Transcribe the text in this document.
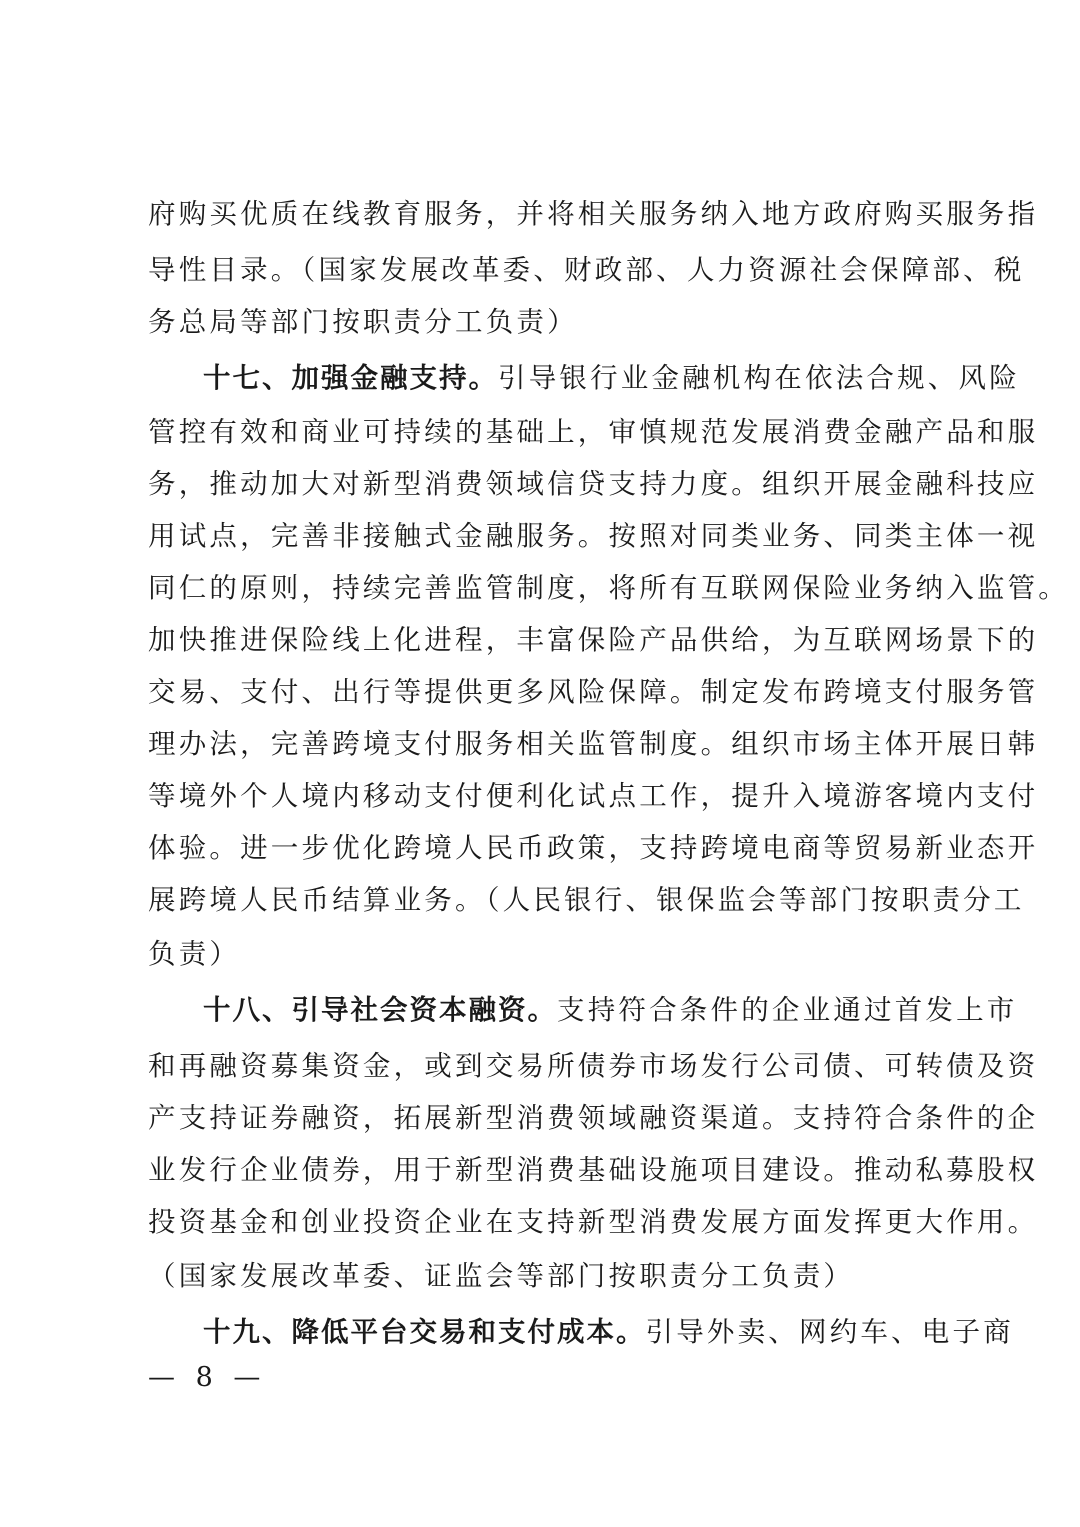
府购买优质在线教育服务，并将相关服务纳入地方政府购买服务指
导性目录。（国家发展改革委、财政部、人力资源社会保障部、税
务总局等部门按职责分工负责）
十七、加强金融支持。引导银行业金融机构在依法合规、风险
管控有效和商业可持续的基础上，审慎规范发展消费金融产品和服
务，推动加大对新型消费领域信贷支持力度。组织开展金融科技应
用试点，完善非接触式金融服务。按照对同类业务、同类主体一视
同仁的原则，持续完善监管制度，将所有互联网保险业务纳入监管。
加快推进保险线上化进程，丰富保险产品供给，为互联网场景下的
交易、支付、出行等提供更多风险保障。制定发布跨境支付服务管
理办法，完善跨境支付服务相关监管制度。组织市场主体开展日韩
等境外个人境内移动支付便利化试点工作，提升入境游客境内支付
体验。进一步优化跨境人民币政策，支持跨境电商等贸易新业态开
展跨境人民币结算业务。（人民银行、银保监会等部门按职责分工
负责）
十八、引导社会资本融资。支持符合条件的企业通过首发上市
和再融资募集资金，或到交易所债券市场发行公司债、可转债及资
产支持证券融资，拓展新型消费领域融资渠道。支持符合条件的企
业发行企业债券，用于新型消费基础设施项目建设。推动私募股权
投资基金和创业投资企业在支持新型消费发展方面发挥更大作用。
（国家发展改革委、证监会等部门按职责分工负责）
十九、降低平台交易和支付成本。引导外卖、网约车、电子商
— 8 —
